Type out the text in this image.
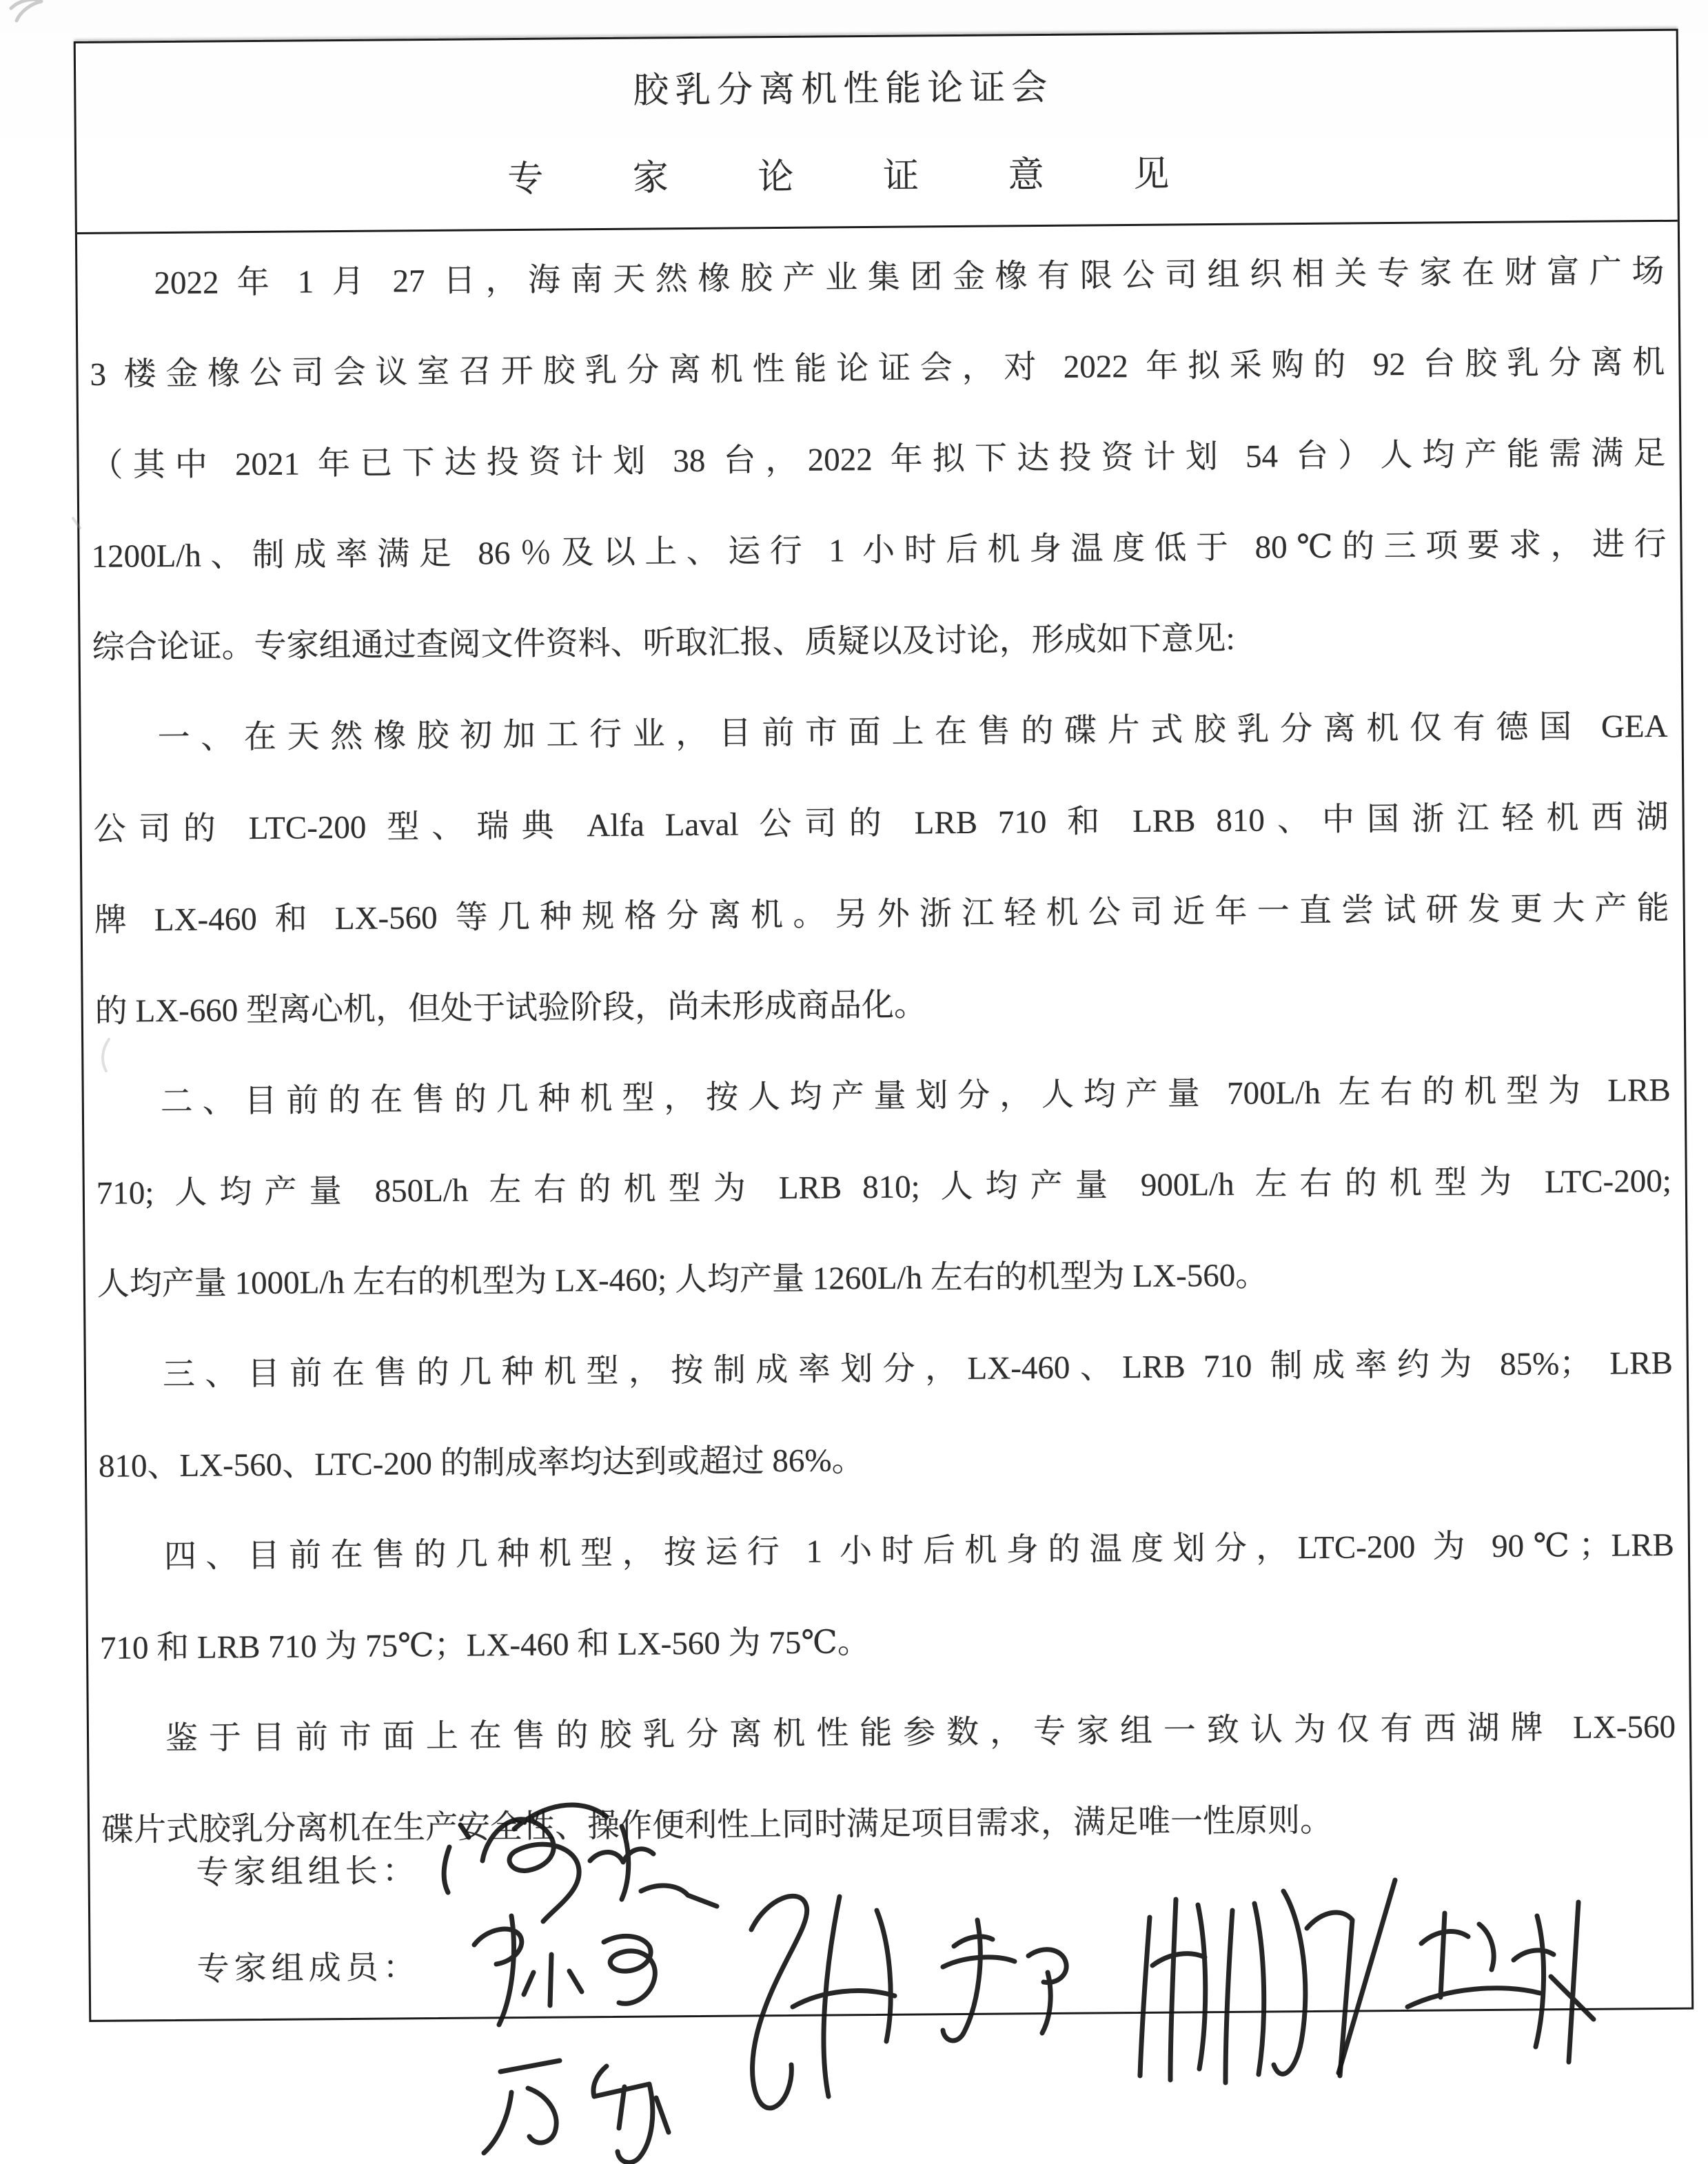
胶乳分离机性能论证会
专 家 论 证 意 见
2022 年 1 月 27 日，海南天然橡胶产业集团金橡有限公司组织相关专家在财富广场
3 楼金橡公司会议室召开胶乳分离机性能论证会，对 2022 年拟采购的 92 台胶乳分离机
（其中 2021 年已下达投资计划 38 台，2022 年拟下达投资计划 54 台）人均产能需满足
1200L/h、制成率满足 86％及以上、运行 1 小时后机身温度低于 80℃的三项要求，进行
综合论证。专家组通过查阅文件资料、听取汇报、质疑以及讨论，形成如下意见:
一、在天然橡胶初加工行业，目前市面上在售的碟片式胶乳分离机仅有德国 GEA
公司的 LTC-200 型、瑞典 Alfa Laval 公司的 LRB 710 和 LRB 810、中国浙江轻机西湖
牌 LX-460 和 LX-560 等几种规格分离机。另外浙江轻机公司近年一直尝试研发更大产能
的 LX-660 型离心机，但处于试验阶段，尚未形成商品化。
二、目前的在售的几种机型，按人均产量划分，人均产量 700L/h 左右的机型为 LRB
710; 人均产量 850L/h 左右的机型为 LRB 810; 人均产量 900L/h 左右的机型为 LTC-200;
人均产量 1000L/h 左右的机型为 LX-460; 人均产量 1260L/h 左右的机型为 LX-560。
三、目前在售的几种机型，按制成率划分，LX-460、LRB 710 制成率约为 85%； LRB
810、LX-560、LTC-200 的制成率均达到或超过 86%。
四、目前在售的几种机型，按运行 1 小时后机身的温度划分，LTC-200 为 90℃；LRB
710 和 LRB 710 为 75℃；LX-460 和 LX-560 为 75℃。
鉴于目前市面上在售的胶乳分离机性能参数，专家组一致认为仅有西湖牌 LX-560
碟片式胶乳分离机在生产安全性、操作便利性上同时满足项目需求，满足唯一性原则。
专家组组长：
专家组成员：
